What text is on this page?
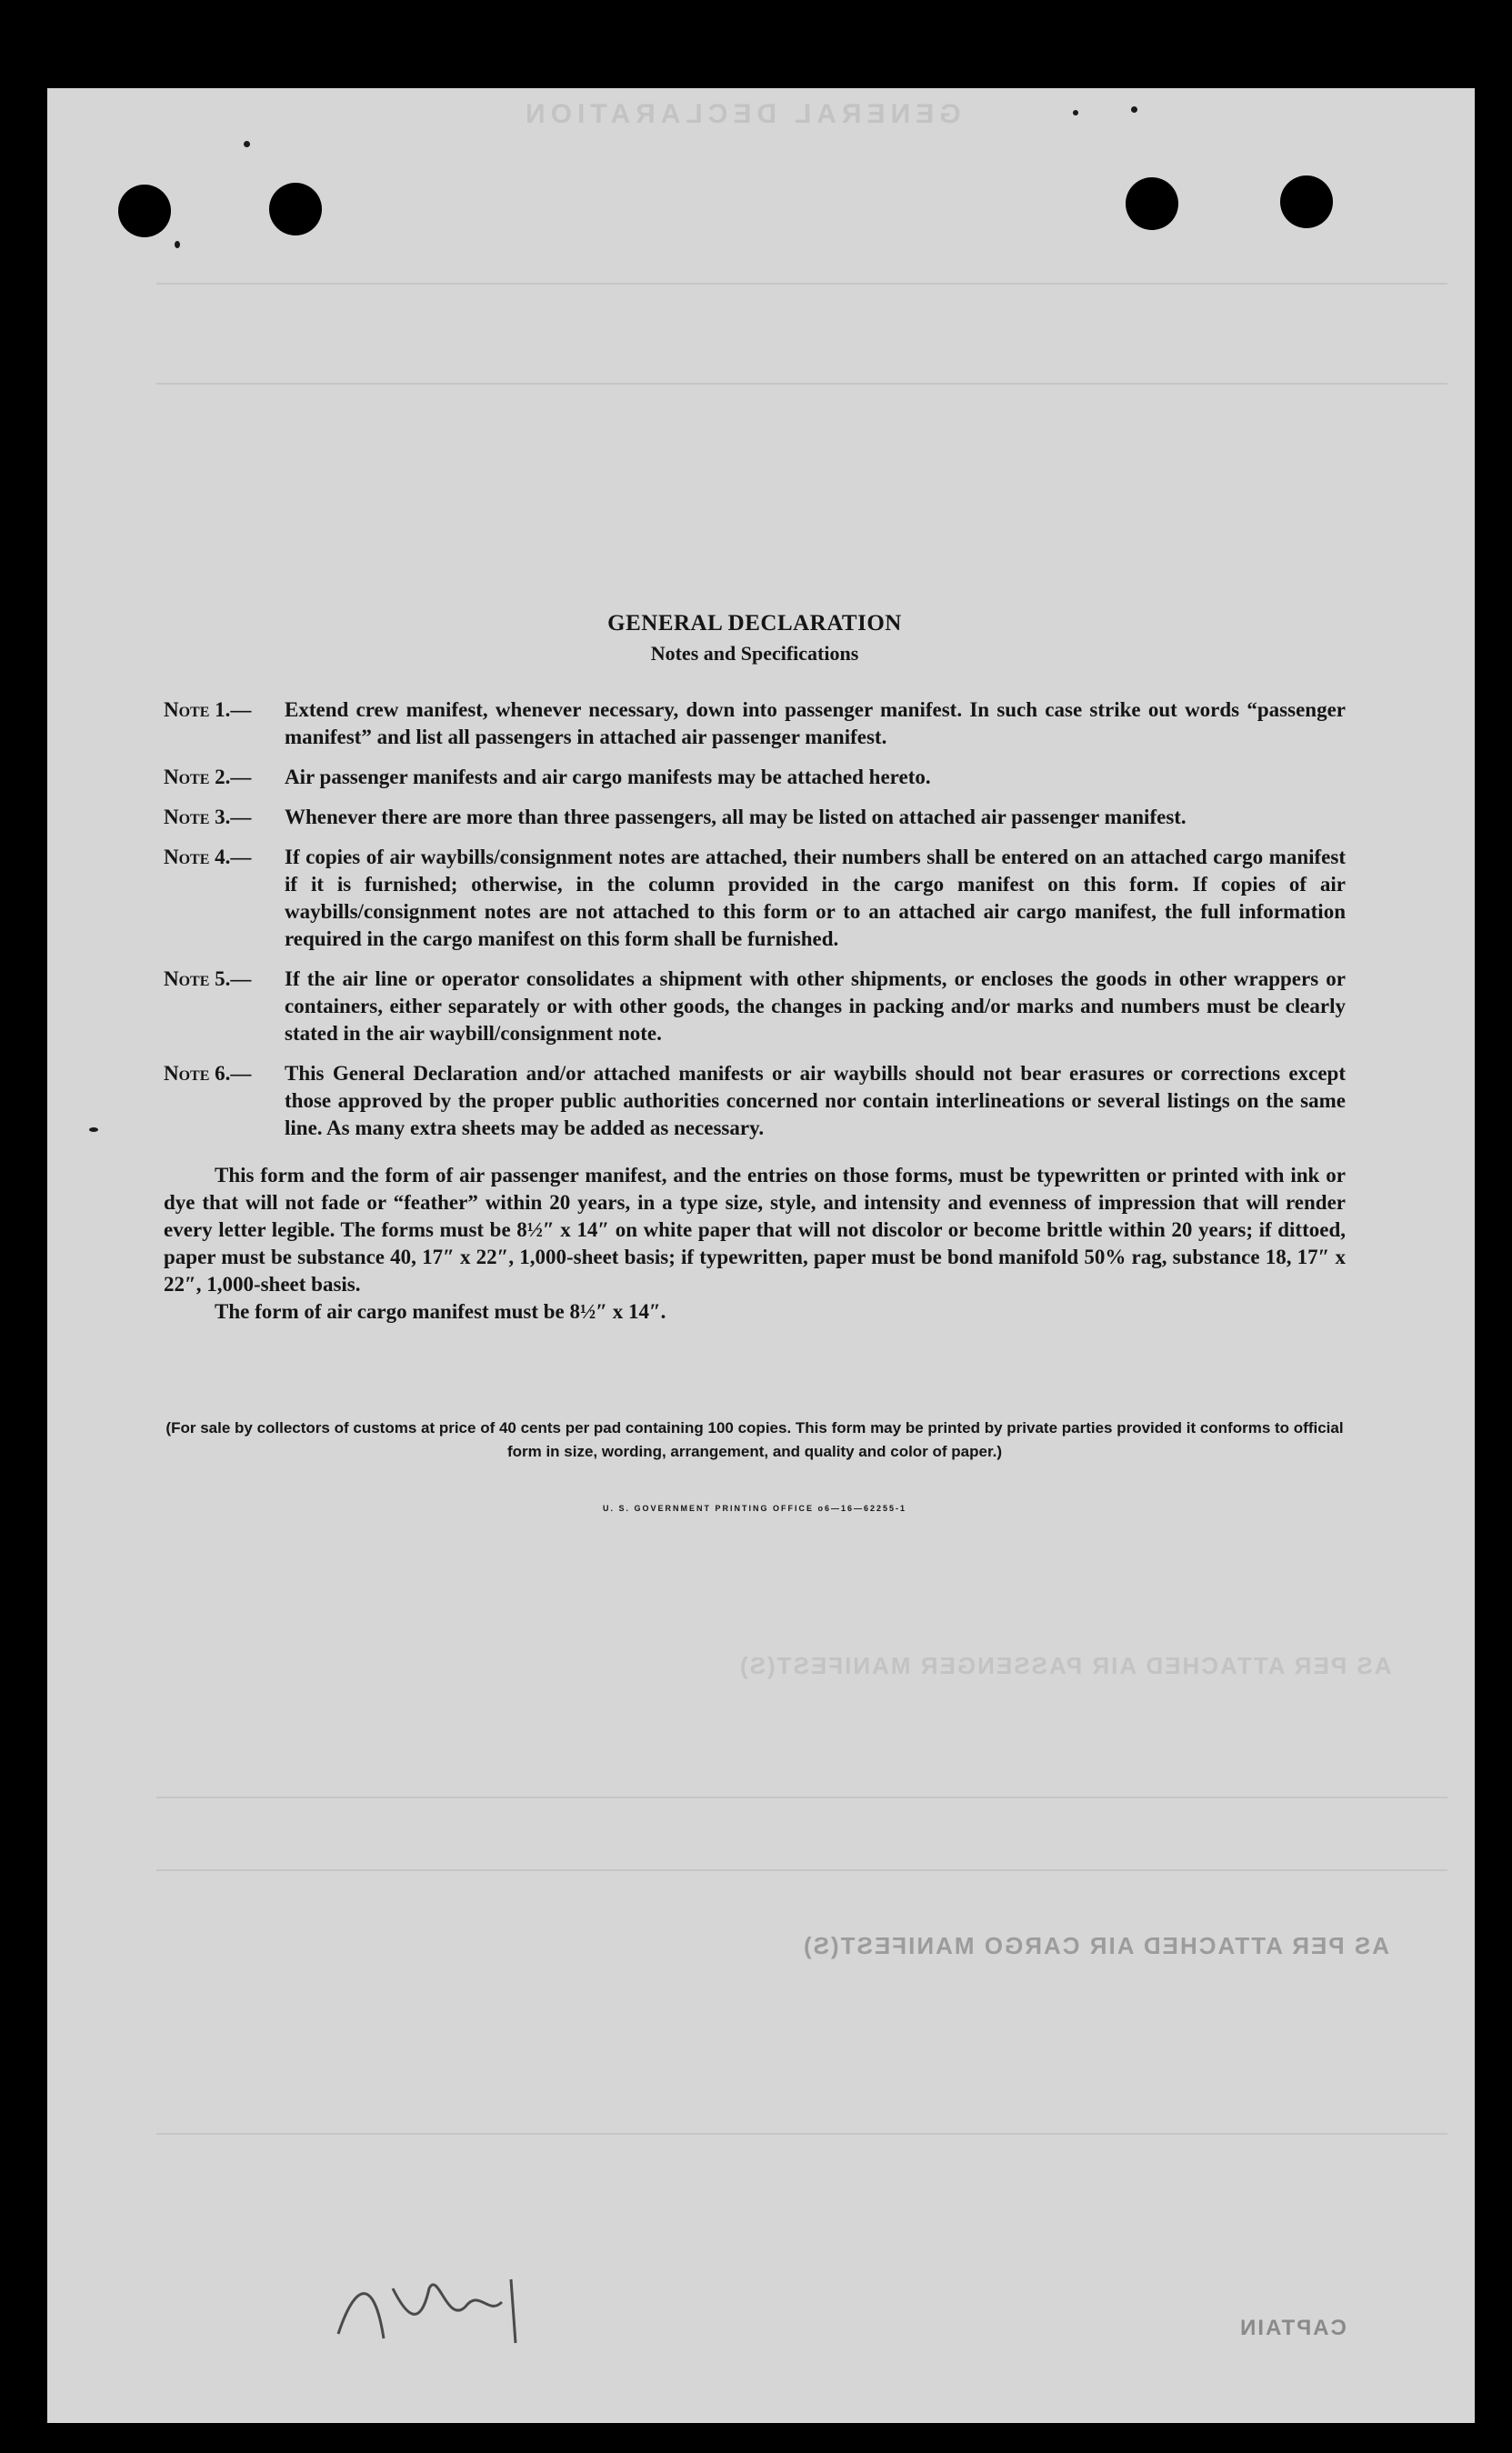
GENERAL DECLARATION
AS PER ATTACHED AIR PASSENGER MANIFEST(S)
AS PER ATTACHED AIR CARGO MANIFEST(S)
CAPTAIN
GENERAL DECLARATION
Notes and Specifications
Note 1.—	Extend crew manifest, whenever necessary, down into passenger manifest. In such case strike out words “passenger manifest” and list all passengers in attached air passenger manifest.
Note 2.—	Air passenger manifests and air cargo manifests may be attached hereto.
Note 3.—	Whenever there are more than three passengers, all may be listed on attached air passenger manifest.
Note 4.—	If copies of air waybills/consignment notes are attached, their numbers shall be entered on an attached cargo manifest if it is furnished; otherwise, in the column provided in the cargo manifest on this form. If copies of air waybills/consignment notes are not attached to this form or to an attached air cargo manifest, the full information required in the cargo manifest on this form shall be furnished.
Note 5.—	If the air line or operator consolidates a shipment with other shipments, or encloses the goods in other wrappers or containers, either separately or with other goods, the changes in packing and/or marks and numbers must be clearly stated in the air waybill/consignment note.
Note 6.—	This General Declaration and/or attached manifests or air waybills should not bear erasures or corrections except those approved by the proper public authorities concerned nor contain interlineations or several listings on the same line. As many extra sheets may be added as necessary.
This form and the form of air passenger manifest, and the entries on those forms, must be typewritten or printed with ink or dye that will not fade or “feather” within 20 years, in a type size, style, and intensity and evenness of impression that will render every letter legible. The forms must be 8½″ x 14″ on white paper that will not discolor or become brittle within 20 years; if dittoed, paper must be substance 40, 17″ x 22″, 1,000-sheet basis; if typewritten, paper must be bond manifold 50% rag, substance 18, 17″ x 22″, 1,000-sheet basis.
The form of air cargo manifest must be 8½″ x 14″.
(For sale by collectors of customs at price of 40 cents per pad containing 100 copies. This form may be printed by private parties provided it conforms to official form in size, wording, arrangement, and quality and color of paper.)
U. S. GOVERNMENT PRINTING OFFICE o6—16—62255-1
